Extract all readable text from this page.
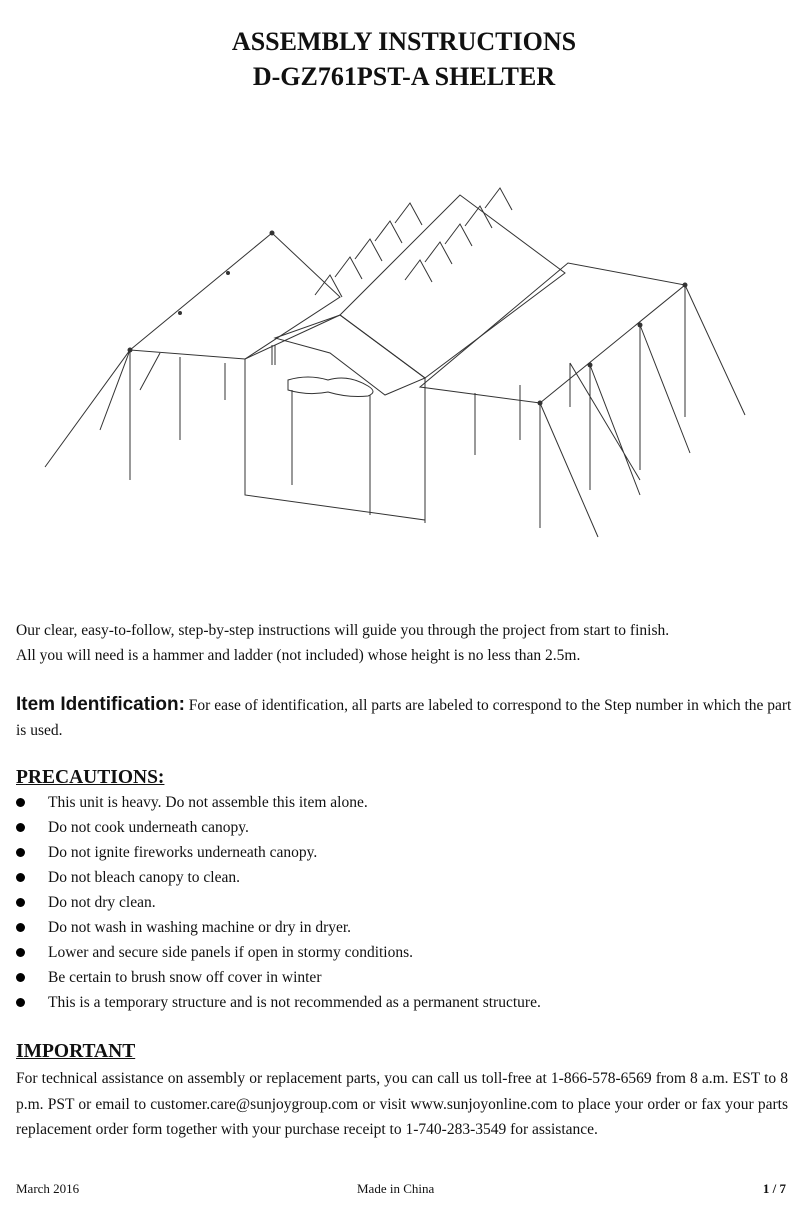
ASSEMBLY INSTRUCTIONS
D-GZ761PST-A SHELTER

Our clear, easy-to-follow, step-by-step instructions will guide you through the project from start to finish.

All you will need is a hammer and ladder (not included) whose height is no less than 2.5m.

Item Identification: For ease of identification, all parts are labeled to correspond to the Step number in which the part is used.

PRECAUTIONS:
This unit is heavy. Do not assemble this item alone.
Do not cook underneath canopy.
Do not ignite fireworks underneath canopy.
Do not bleach canopy to clean.
Do not dry clean.
Do not wash in washing machine or dry in dryer.
Lower and secure side panels if open in stormy conditions.
Be certain to brush snow off cover in winter
This is a temporary structure and is not recommended as a permanent structure.
IMPORTANT

For technical assistance on assembly or replacement parts, you can call us toll-free at 1-866-578-6569 from 8 a.m. EST to 8 p.m. PST or email to customer.care@sunjoygroup.com or visit www.sunjoyonline.com to place your order or fax your parts replacement order form together with your purchase receipt to 1-740-283-3549 for assistance.

March 2016	Made in China	1 / 7
